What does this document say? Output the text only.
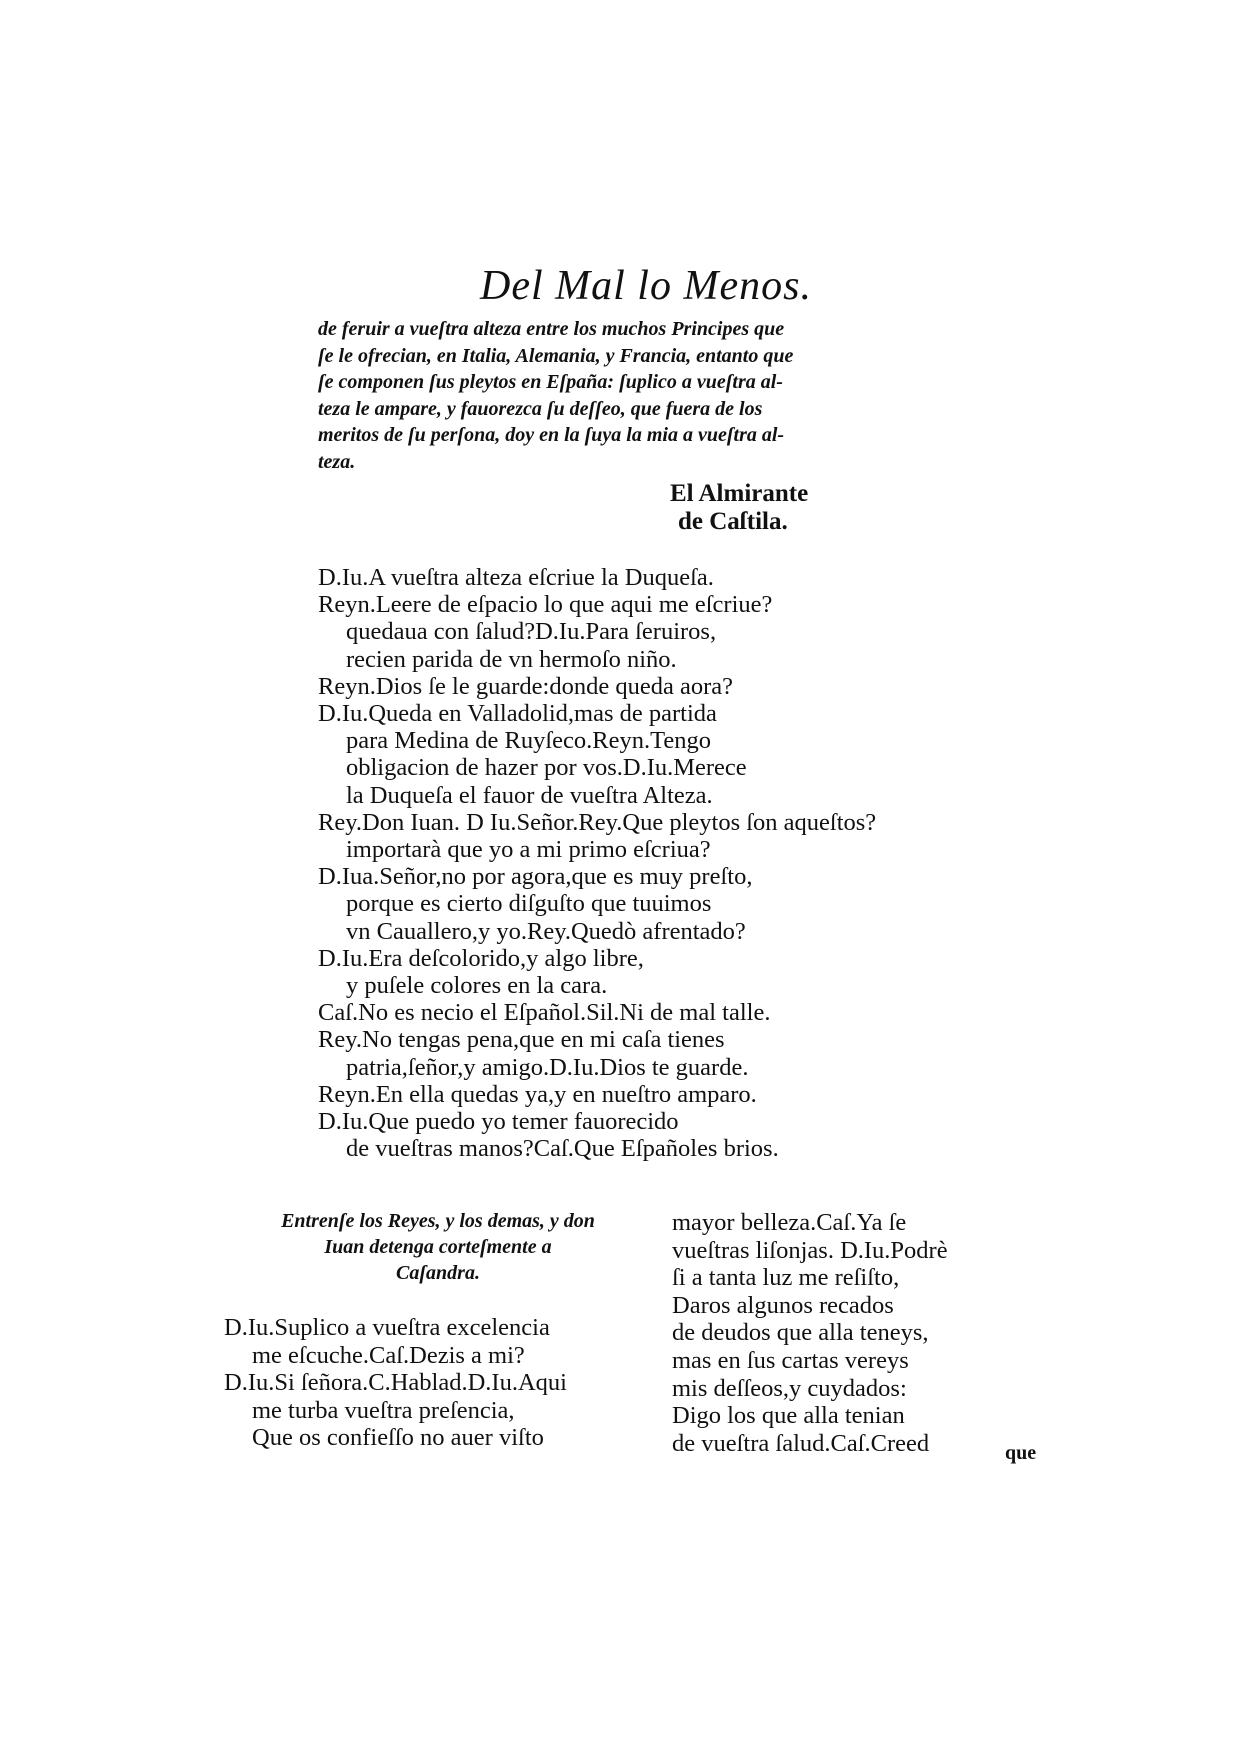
Del Mal lo Menos.
de feruir a vueſtra alteza entre los muchos Principes que
ſe le ofrecian, en Italia, Alemania, y Francia, entanto que
ſe componen ſus pleytos en Eſpaña: ſuplico a vueſtra al-
teza le ampare, y fauorezca ſu deſſeo, que fuera de los
meritos de ſu perſona, doy en la ſuya la mia a vueſtra al-
teza.
El Almirante
de Caſtila.
D.Iu.A vueſtra alteza eſcriue la Duqueſa.
Reyn.Leere de eſpacio lo que aqui me eſcriue?
quedaua con ſalud?D.Iu.Para ſeruiros,
recien parida de vn hermoſo niño.
Reyn.Dios ſe le guarde:donde queda aora?
D.Iu.Queda en Valladolid,mas de partida
para Medina de Ruyſeco.Reyn.Tengo
obligacion de hazer por vos.D.Iu.Merece
la Duqueſa el fauor de vueſtra Alteza.
Rey.Don Iuan. D Iu.Señor.Rey.Que pleytos ſon aqueſtos?
importarà que yo a mi primo eſcriua?
D.Iua.Señor,no por agora,que es muy preſto,
porque es cierto diſguſto que tuuimos
vn Cauallero,y yo.Rey.Quedò afrentado?
D.Iu.Era deſcolorido,y algo libre,
y puſele colores en la cara.
Caſ.No es necio el Eſpañol.Sil.Ni de mal talle.
Rey.No tengas pena,que en mi caſa tienes
patria,ſeñor,y amigo.D.Iu.Dios te guarde.
Reyn.En ella quedas ya,y en nueſtro amparo.
D.Iu.Que puedo yo temer fauorecido
de vueſtras manos?Caſ.Que Eſpañoles brios.
Entrenſe los Reyes, y los demas, y don
Iuan detenga corteſmente a
Caſandra.
D.Iu.Suplico a vueſtra excelencia
me eſcuche.Caſ.Dezis a mi?
D.Iu.Si ſeñora.C.Hablad.D.Iu.Aqui
me turba vueſtra preſencia,
Que os confieſſo no auer viſto
mayor belleza.Caſ.Ya ſe
vueſtras liſonjas. D.Iu.Podrè
ſi a tanta luz me reſiſto,
Daros algunos recados
de deudos que alla teneys,
mas en ſus cartas vereys
mis deſſeos,y cuydados:
Digo los que alla tenian
de vueſtra ſalud.Caſ.Creed	que
